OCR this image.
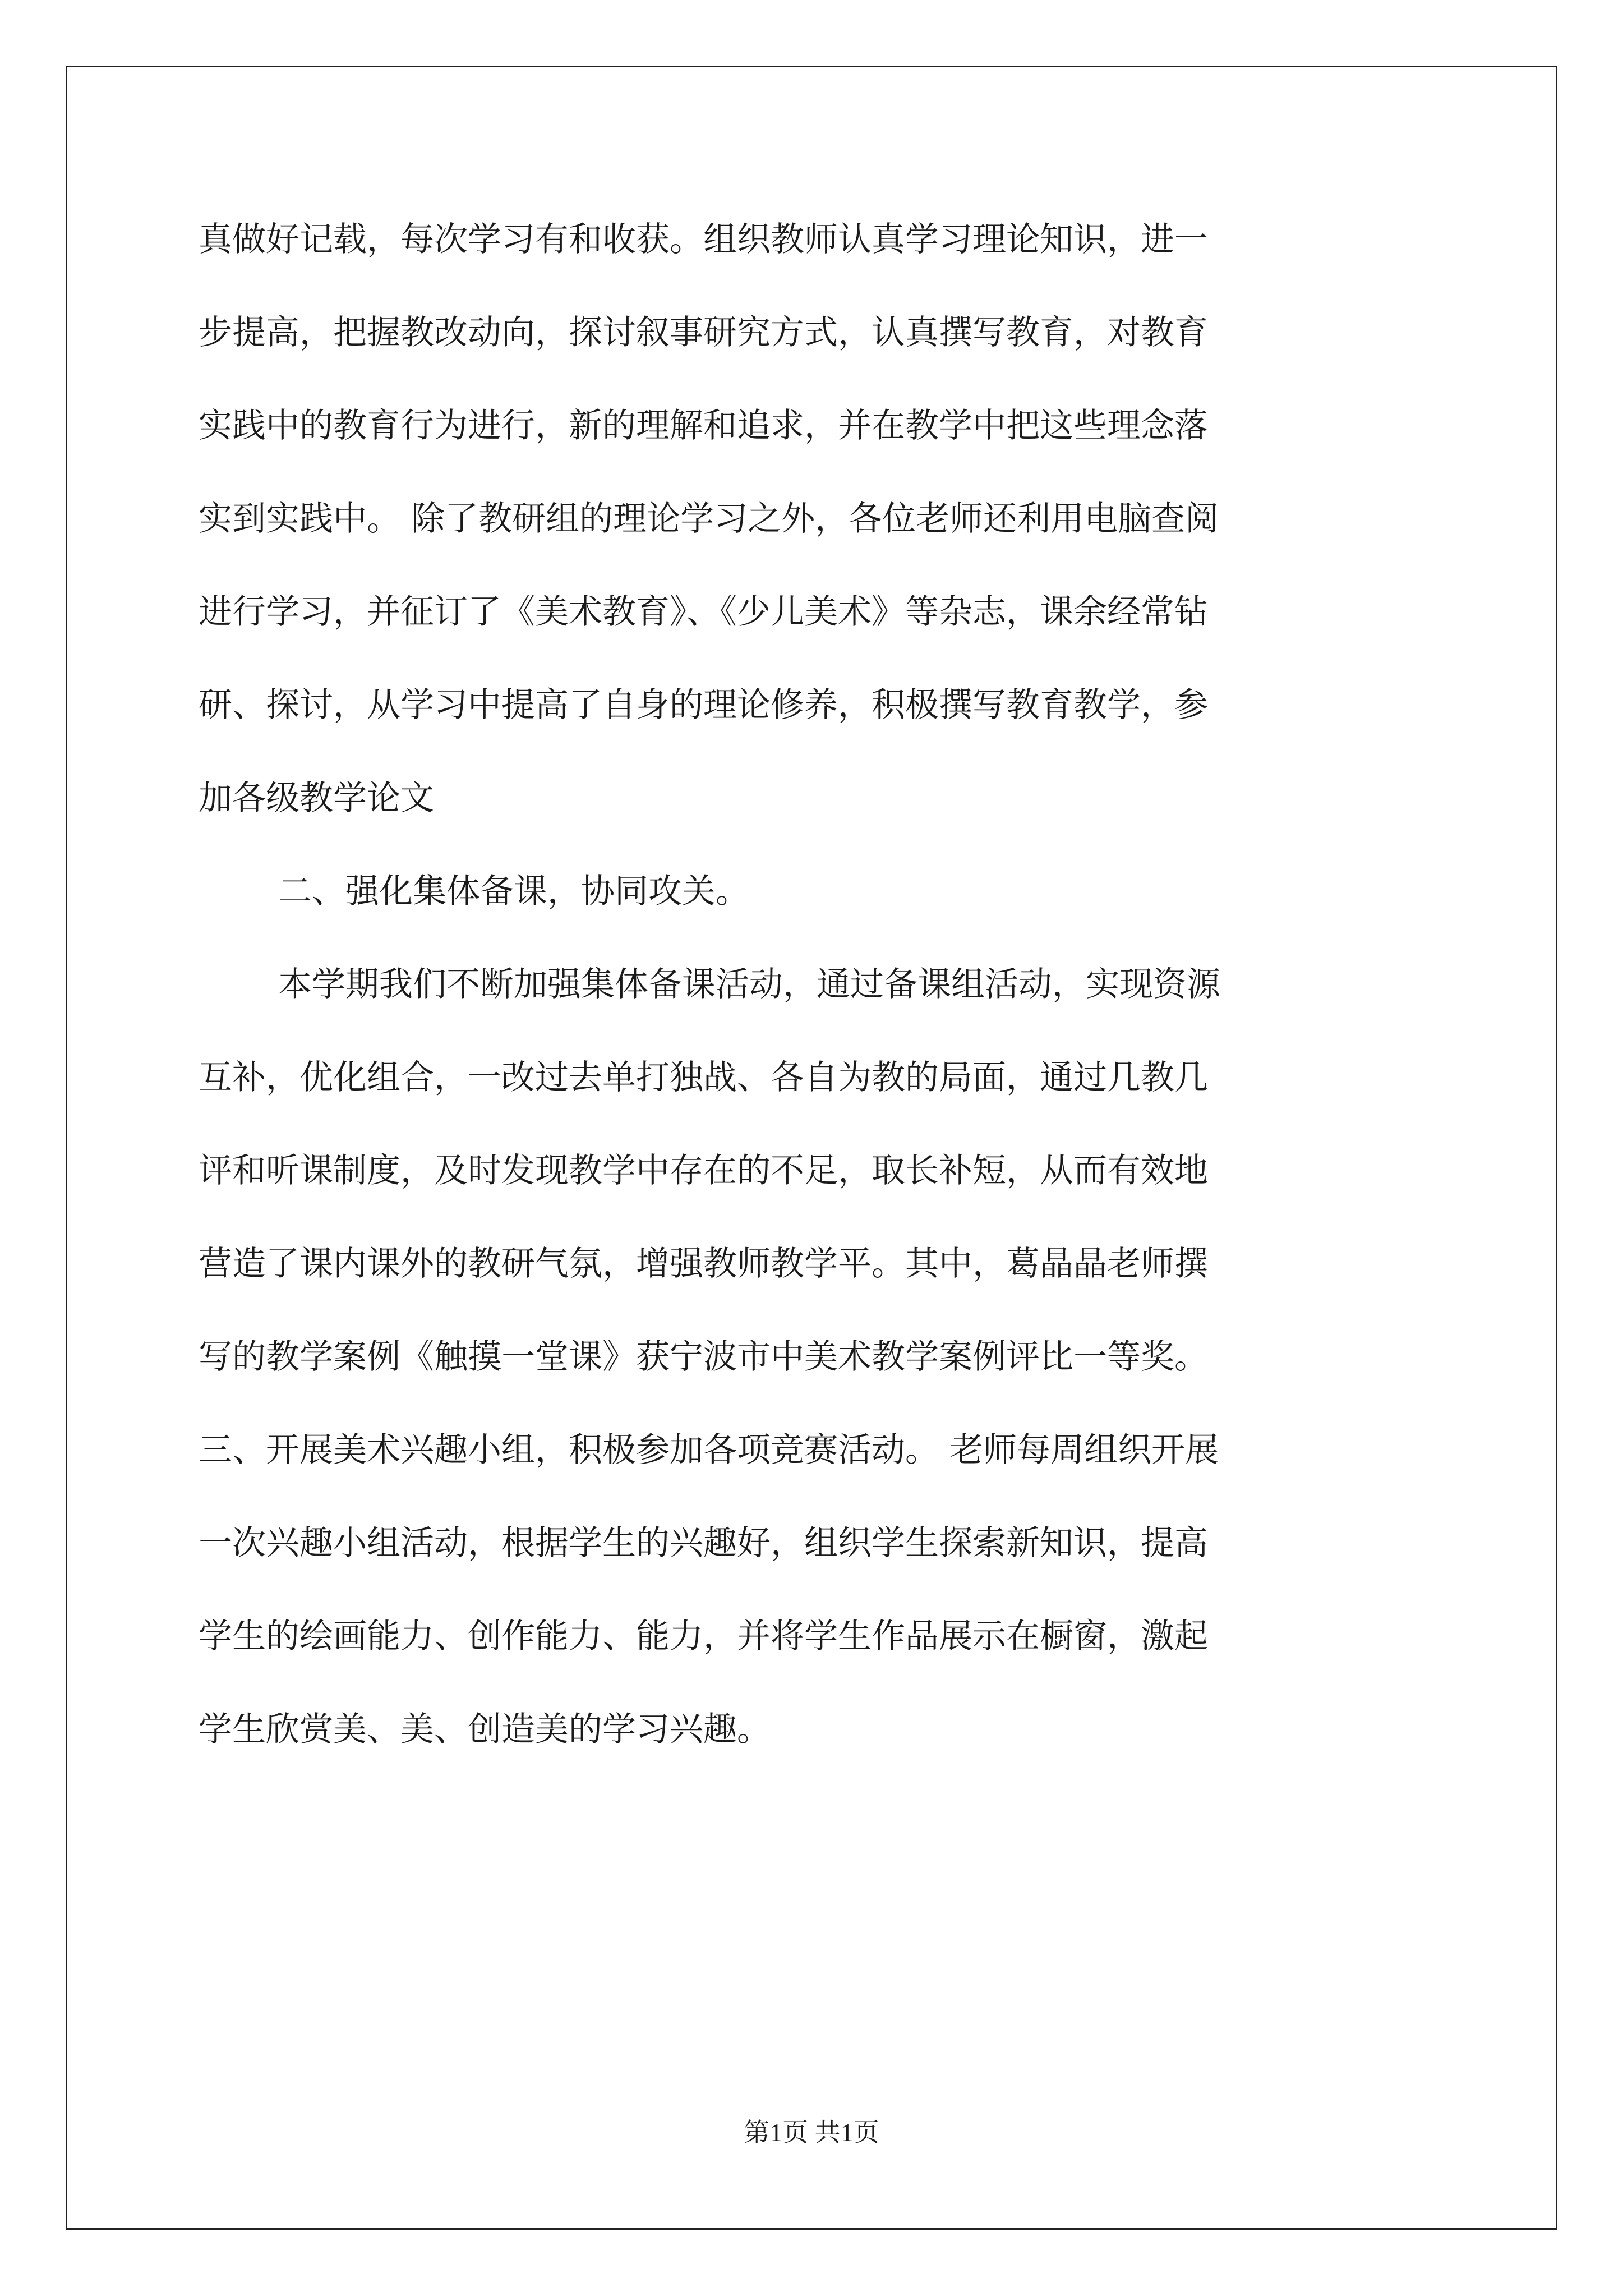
真做好记载，每次学习有和收获。组织教师认真学习理论知识，进一
步提高，把握教改动向，探讨叙事研究方式，认真撰写教育，对教育
实践中的教育行为进行，新的理解和追求，并在教学中把这些理念落
实到实践中。 除了教研组的理论学习之外，各位老师还利用电脑查阅
进行学习，并征订了《美术教育》、《少儿美术》等杂志，课余经常钻
研、探讨，从学习中提高了自身的理论修养，积极撰写教育教学，参
加各级教学论文
二、强化集体备课，协同攻关。
本学期我们不断加强集体备课活动，通过备课组活动，实现资源
互补，优化组合，一改过去单打独战、各自为教的局面，通过几教几
评和听课制度，及时发现教学中存在的不足，取长补短，从而有效地
营造了课内课外的教研气氛，增强教师教学平。其中，葛晶晶老师撰
写的教学案例《触摸一堂课》获宁波市中美术教学案例评比一等奖。
三、开展美术兴趣小组，积极参加各项竞赛活动。 老师每周组织开展
一次兴趣小组活动，根据学生的兴趣好，组织学生探索新知识，提高
学生的绘画能力、创作能力、能力，并将学生作品展示在橱窗，激起
学生欣赏美、美、创造美的学习兴趣。
第1页 共1页
